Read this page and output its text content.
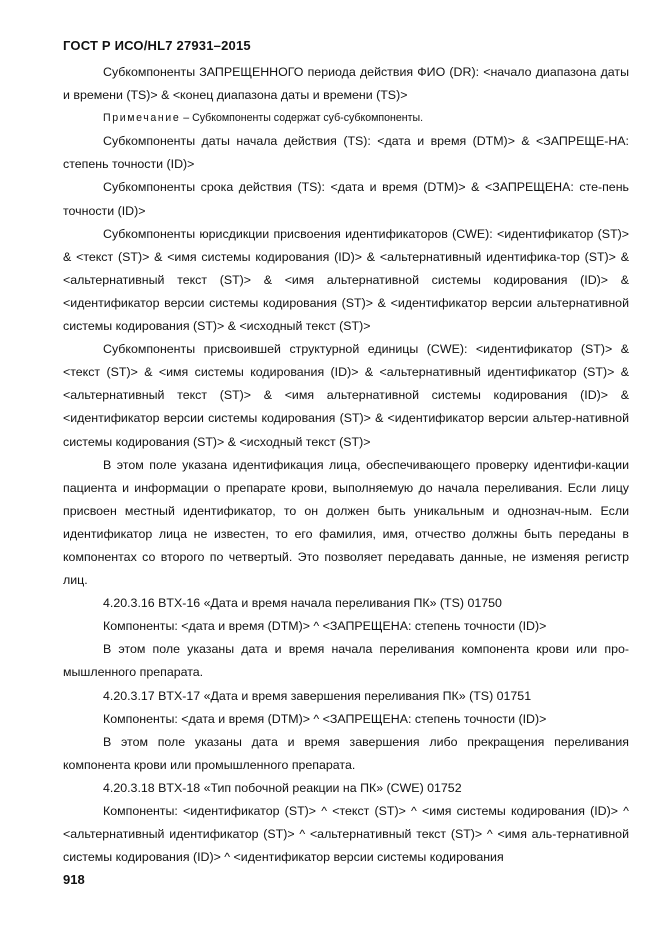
ГОСТ Р ИСО/HL7 27931–2015

Субкомпоненты ЗАПРЕЩЕННОГО периода действия ФИО (DR): <начало диапазона даты и времени (TS)> & <конец диапазона даты и времени (TS)>

Примечание – Субкомпоненты содержат суб-субкомпоненты.

Субкомпоненты даты начала действия (TS): <дата и время (DTM)> & <ЗАПРЕЩЕ-НА: степень точности (ID)>

Субкомпоненты срока действия (TS): <дата и время (DTM)> & <ЗАПРЕЩЕНА: сте-пень точности (ID)>

Субкомпоненты юрисдикции присвоения идентификаторов (CWE): <идентификатор (ST)> & <текст (ST)> & <имя системы кодирования (ID)> & <альтернативный идентифика-тор (ST)> & <альтернативный текст (ST)> & <имя альтернативной системы кодирования (ID)> & <идентификатор версии системы кодирования (ST)> & <идентификатор версии альтернативной системы кодирования (ST)> & <исходный текст (ST)>

Субкомпоненты присвоившей структурной единицы (CWE): <идентификатор (ST)> & <текст (ST)> & <имя системы кодирования (ID)> & <альтернативный идентификатор (ST)> & <альтернативный текст (ST)> & <имя альтернативной системы кодирования (ID)> & <идентификатор версии системы кодирования (ST)> & <идентификатор версии альтер-нативной системы кодирования (ST)> & <исходный текст (ST)>

В этом поле указана идентификация лица, обеспечивающего проверку идентифи-кации пациента и информации о препарате крови, выполняемую до начала переливания. Если лицу присвоен местный идентификатор, то он должен быть уникальным и однознач-ным. Если идентификатор лица не известен, то его фамилия, имя, отчество должны быть переданы в компонентах со второго по четвертый. Это позволяет передавать данные, не изменяя регистр лиц.

4.20.3.16 BTX-16 «Дата и время начала переливания ПК» (TS) 01750

Компоненты: <дата и время (DTM)> ^ <ЗАПРЕЩЕНА: степень точности (ID)>

В этом поле указаны дата и время начала переливания компонента крови или про-мышленного препарата.

4.20.3.17 BTX-17 «Дата и время завершения переливания ПК» (TS) 01751

Компоненты: <дата и время (DTM)> ^ <ЗАПРЕЩЕНА: степень точности (ID)>

В этом поле указаны дата и время завершения либо прекращения переливания компонента крови или промышленного препарата.

4.20.3.18 BTX-18 «Тип побочной реакции на ПК» (CWE) 01752

Компоненты: <идентификатор (ST)> ^ <текст (ST)> ^ <имя системы кодирования (ID)> ^ <альтернативный идентификатор (ST)> ^ <альтернативный текст (ST)> ^ <имя аль-тернативной системы кодирования (ID)> ^ <идентификатор версии системы кодирования

918
